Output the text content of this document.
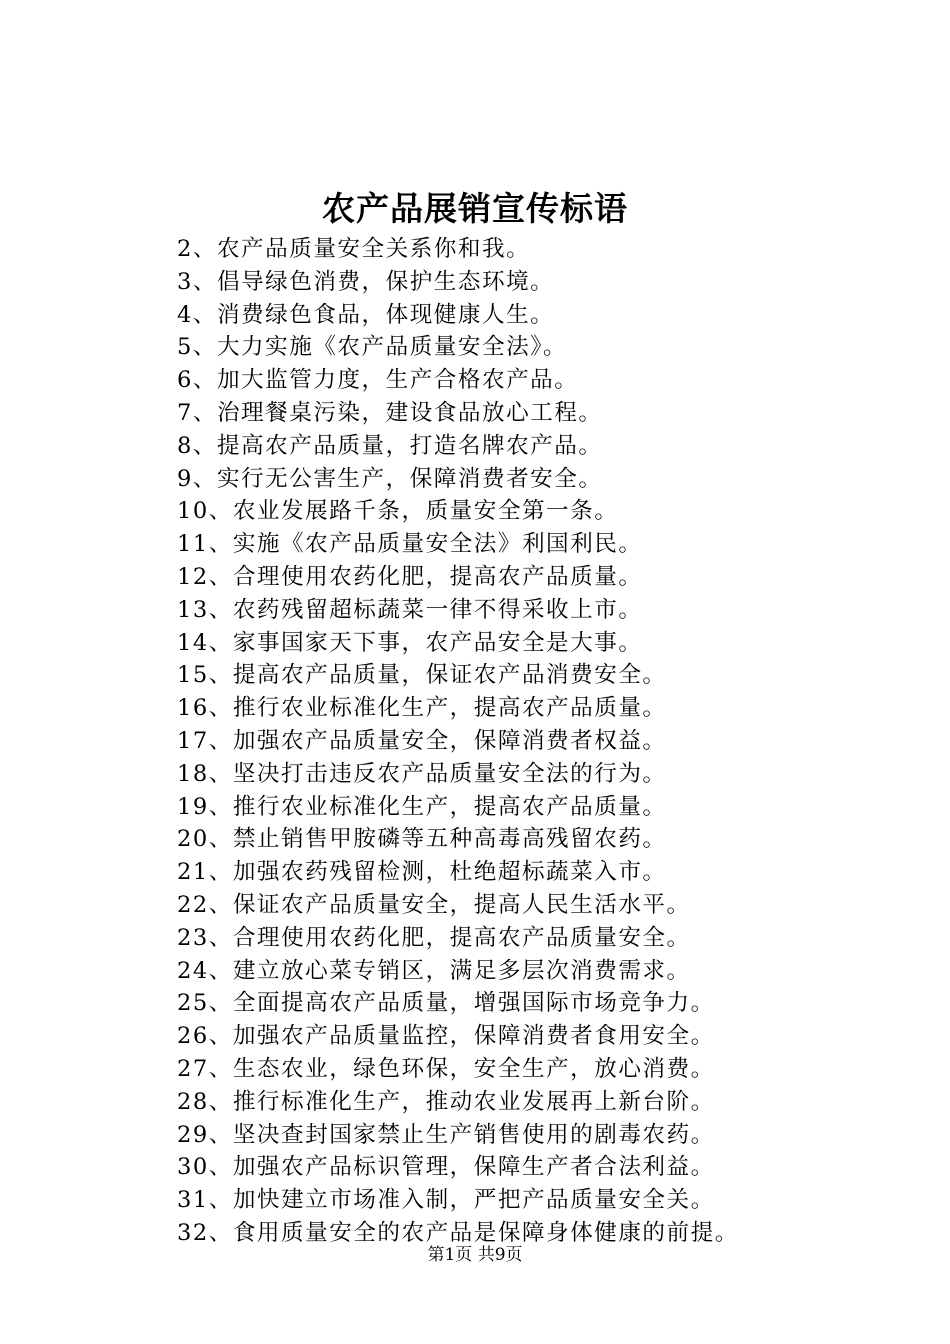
农产品展销宣传标语
2、农产品质量安全关系你和我。
3、倡导绿色消费，保护生态环境。
4、消费绿色食品，体现健康人生。
5、大力实施《农产品质量安全法》。
6、加大监管力度，生产合格农产品。
7、治理餐桌污染，建设食品放心工程。
8、提高农产品质量，打造名牌农产品。
9、实行无公害生产，保障消费者安全。
10、农业发展路千条，质量安全第一条。
11、实施《农产品质量安全法》利国利民。
12、合理使用农药化肥，提高农产品质量。
13、农药残留超标蔬菜一律不得采收上市。
14、家事国家天下事，农产品安全是大事。
15、提高农产品质量，保证农产品消费安全。
16、推行农业标准化生产，提高农产品质量。
17、加强农产品质量安全，保障消费者权益。
18、坚决打击违反农产品质量安全法的行为。
19、推行农业标准化生产，提高农产品质量。
20、禁止销售甲胺磷等五种高毒高残留农药。
21、加强农药残留检测，杜绝超标蔬菜入市。
22、保证农产品质量安全，提高人民生活水平。
23、合理使用农药化肥，提高农产品质量安全。
24、建立放心菜专销区，满足多层次消费需求。
25、全面提高农产品质量，增强国际市场竞争力。
26、加强农产品质量监控，保障消费者食用安全。
27、生态农业，绿色环保，安全生产，放心消费。
28、推行标准化生产，推动农业发展再上新台阶。
29、坚决查封国家禁止生产销售使用的剧毒农药。
30、加强农产品标识管理，保障生产者合法利益。
31、加快建立市场准入制，严把产品质量安全关。
32、食用质量安全的农产品是保障身体健康的前提。
第1页 共9页
